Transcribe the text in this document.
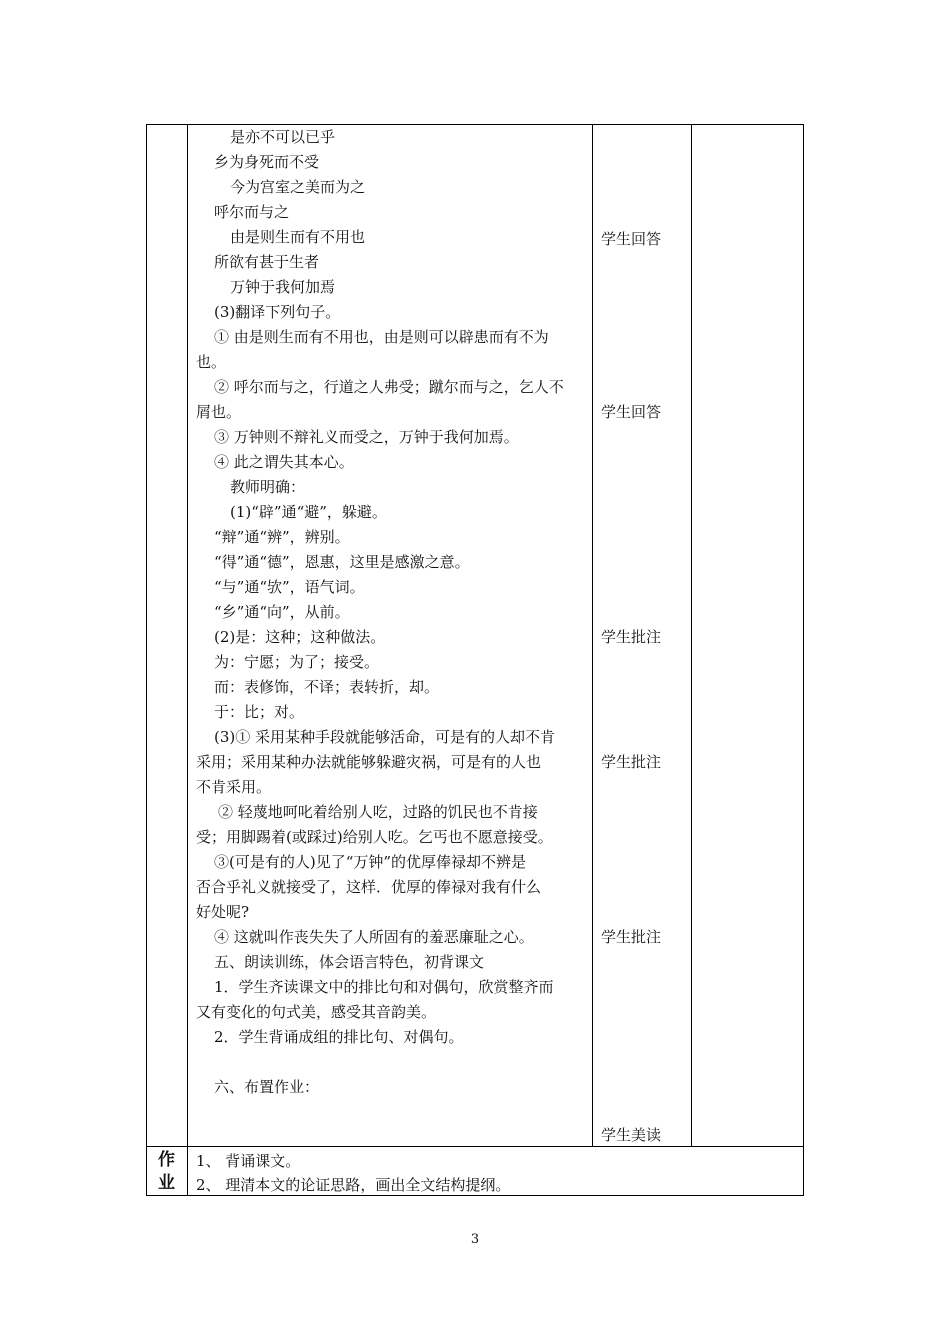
是亦不可以已乎
乡为身死而不受
今为宫室之美而为之
呼尔而与之
由是则生而有不用也
所欲有甚于生者
万钟于我何加焉
(3)翻译下列句子。
① 由是则生而有不用也，由是则可以辟患而有不为
也。
② 呼尔而与之，行道之人弗受；蹴尔而与之，乞人不
屑也。
③ 万钟则不辩礼义而受之，万钟于我何加焉。
④ 此之谓失其本心。
教师明确：
(1)“辟”通“避”，躲避。
“辩”通“辨”，辨别。
“得”通“德”，恩惠，这里是感激之意。
“与”通“欤”，语气词。
“乡”通“向”，从前。
(2)是：这种；这种做法。
为：宁愿；为了；接受。
而：表修饰，不译；表转折，却。
于：比；对。
(3)① 采用某种手段就能够活命，可是有的人却不肯
采用；采用某种办法就能够躲避灾祸，可是有的人也
不肯采用。
② 轻蔑地呵叱着给别人吃，过路的饥民也不肯接
受；用脚踢着(或踩过)给别人吃。乞丐也不愿意接受。
③(可是有的人)见了“万钟”的优厚俸禄却不辨是
否合乎礼义就接受了，这样．优厚的俸禄对我有什么
好处呢?
④ 这就叫作丧失失了人所固有的羞恶廉耻之心。
五、朗读训练，体会语言特色，初背课文
1．学生齐读课文中的排比句和对偶句，欣赏整齐而
又有变化的句式美，感受其音韵美。
2．学生背诵成组的排比句、对偶句。
六、布置作业：
学生回答
学生回答
学生批注
学生批注
学生批注
学生美读
作
业
1、 背诵课文。
2、 理清本文的论证思路，画出全文结构提纲。
3
